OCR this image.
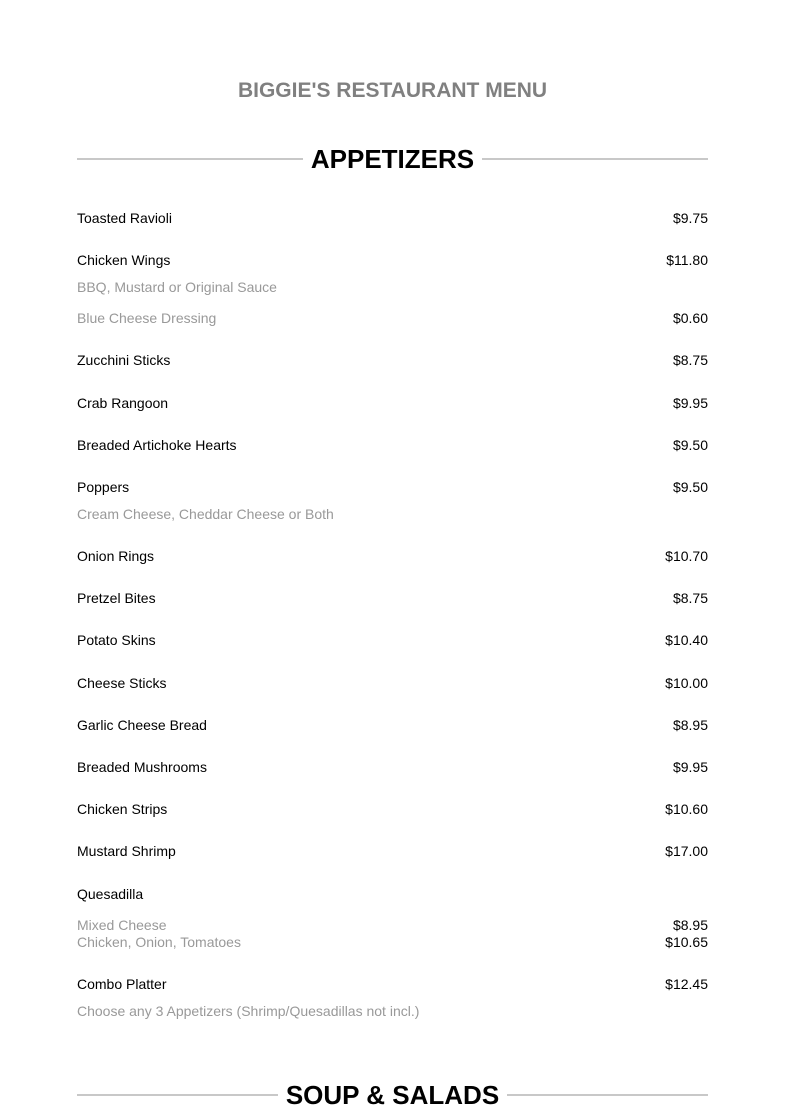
BIGGIE'S RESTAURANT MENU
APPETIZERS
Toasted Ravioli	$9.75
Chicken Wings	$11.80
BBQ, Mustard or Original Sauce
Blue Cheese Dressing	$0.60
Zucchini Sticks	$8.75
Crab Rangoon	$9.95
Breaded Artichoke Hearts	$9.50
Poppers	$9.50
Cream Cheese, Cheddar Cheese or Both
Onion Rings	$10.70
Pretzel Bites	$8.75
Potato Skins	$10.40
Cheese Sticks	$10.00
Garlic Cheese Bread	$8.95
Breaded Mushrooms	$9.95
Chicken Strips	$10.60
Mustard Shrimp	$17.00
Quesadilla
Mixed Cheese	$8.95
Chicken, Onion, Tomatoes	$10.65
Combo Platter	$12.45
Choose any 3 Appetizers (Shrimp/Quesadillas not incl.)
SOUP & SALADS
